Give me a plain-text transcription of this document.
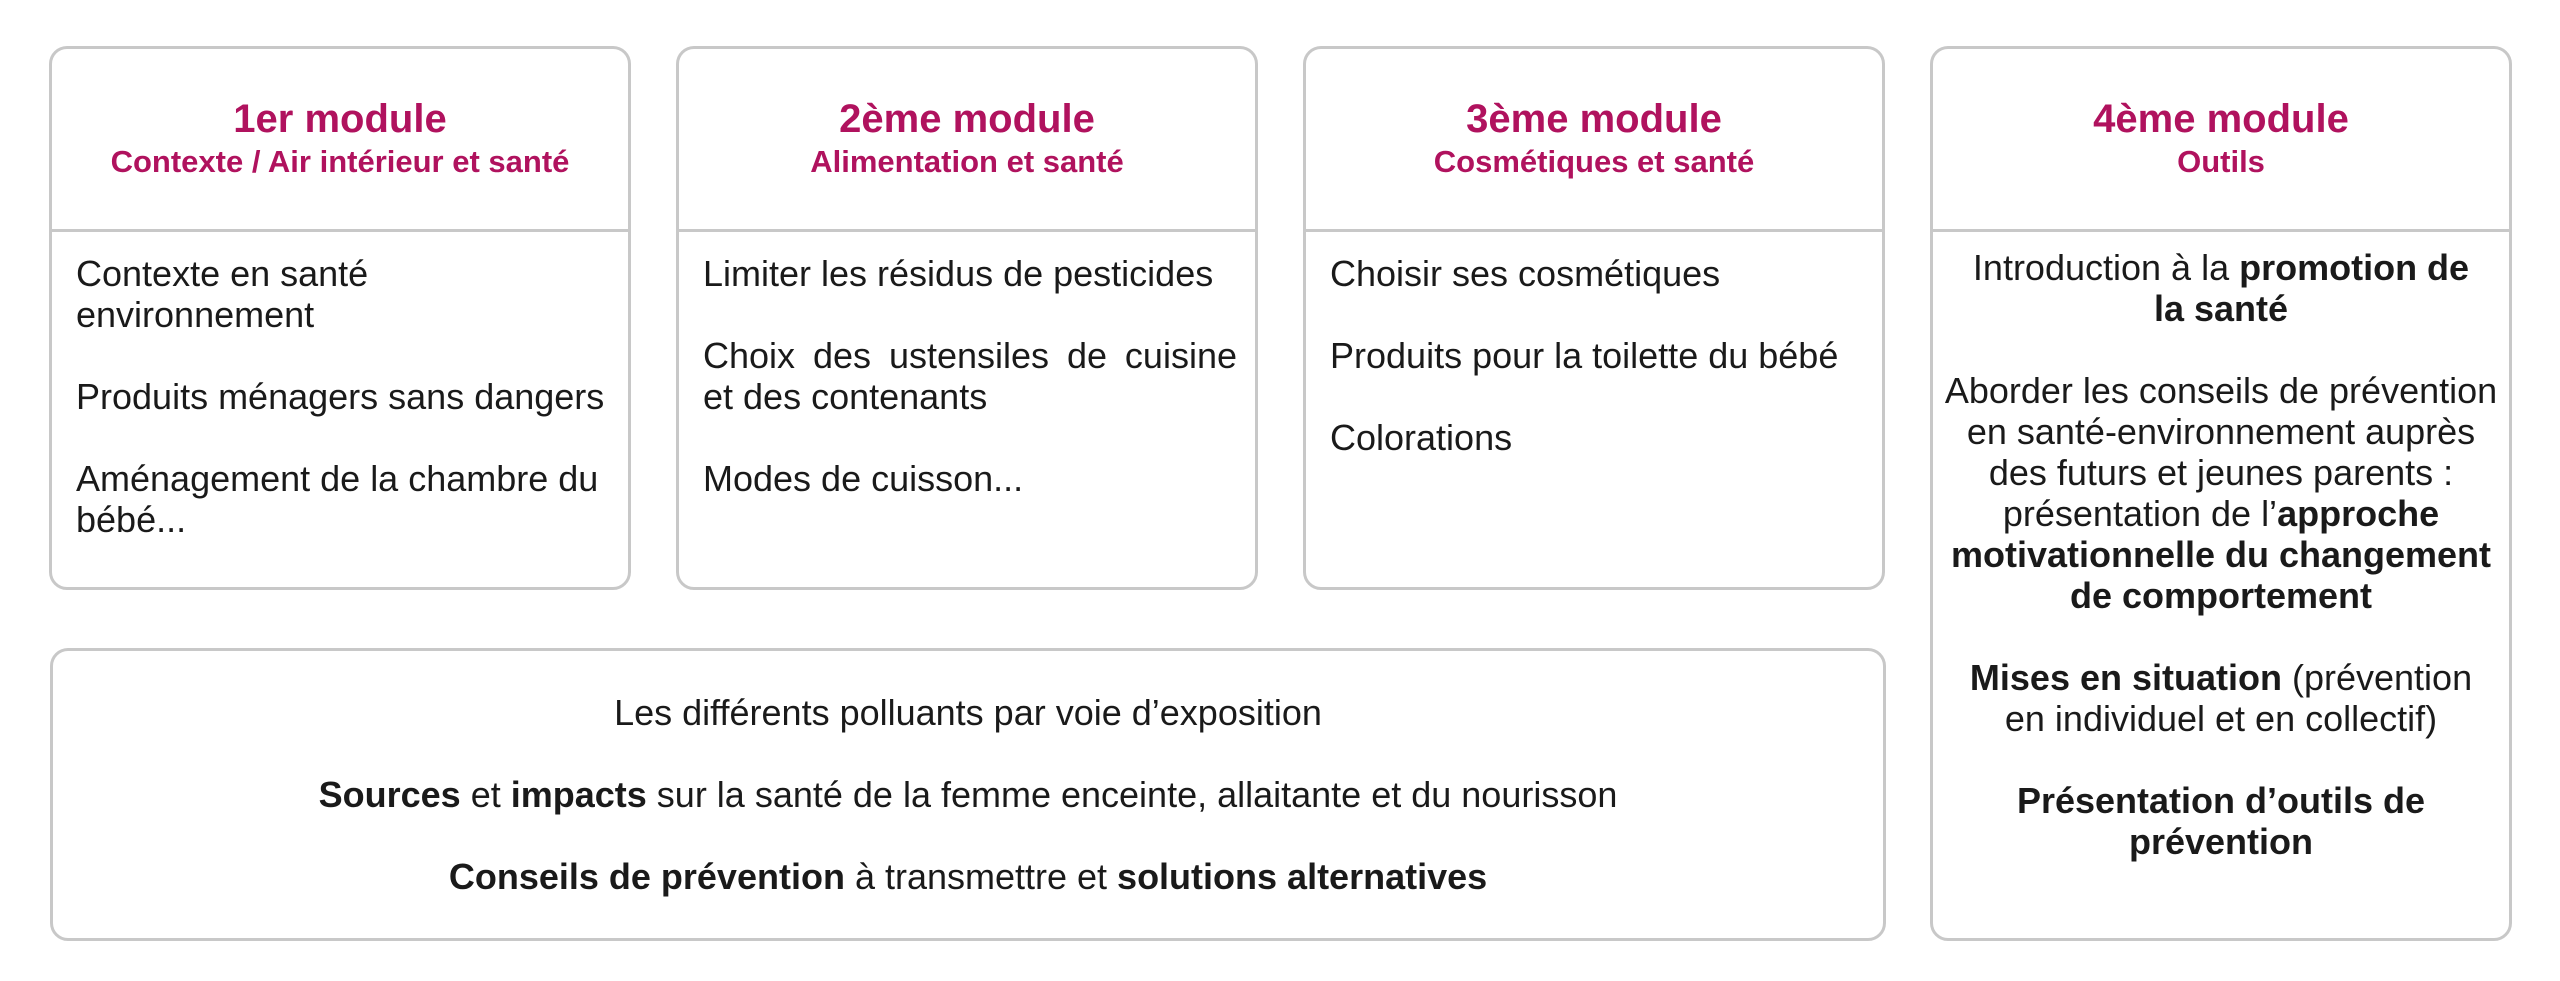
1er module
Contexte / Air intérieur et santé

Contexte en santé environnement

Produits ménagers sans dangers

Aménagement de la chambre du bébé...

2ème module
Alimentation et santé

Limiter les résidus de pesticides

Choix des ustensiles de cuisine et des contenants

Modes de cuisson...

3ème module
Cosmétiques et santé

Choisir ses cosmétiques

Produits pour la toilette du bébé

Colorations

4ème module
Outils

Introduction à la promotion de la santé

Aborder les conseils de prévention en santé-environnement auprès des futurs et jeunes parents : présentation de l’approche motivationnelle du changement de comportement

Mises en situation (prévention en individuel et en collectif)

Présentation d’outils de prévention

Les différents polluants par voie d’exposition

Sources et impacts sur la santé de la femme enceinte, allaitante et du nourisson

Conseils de prévention à transmettre et solutions alternatives
